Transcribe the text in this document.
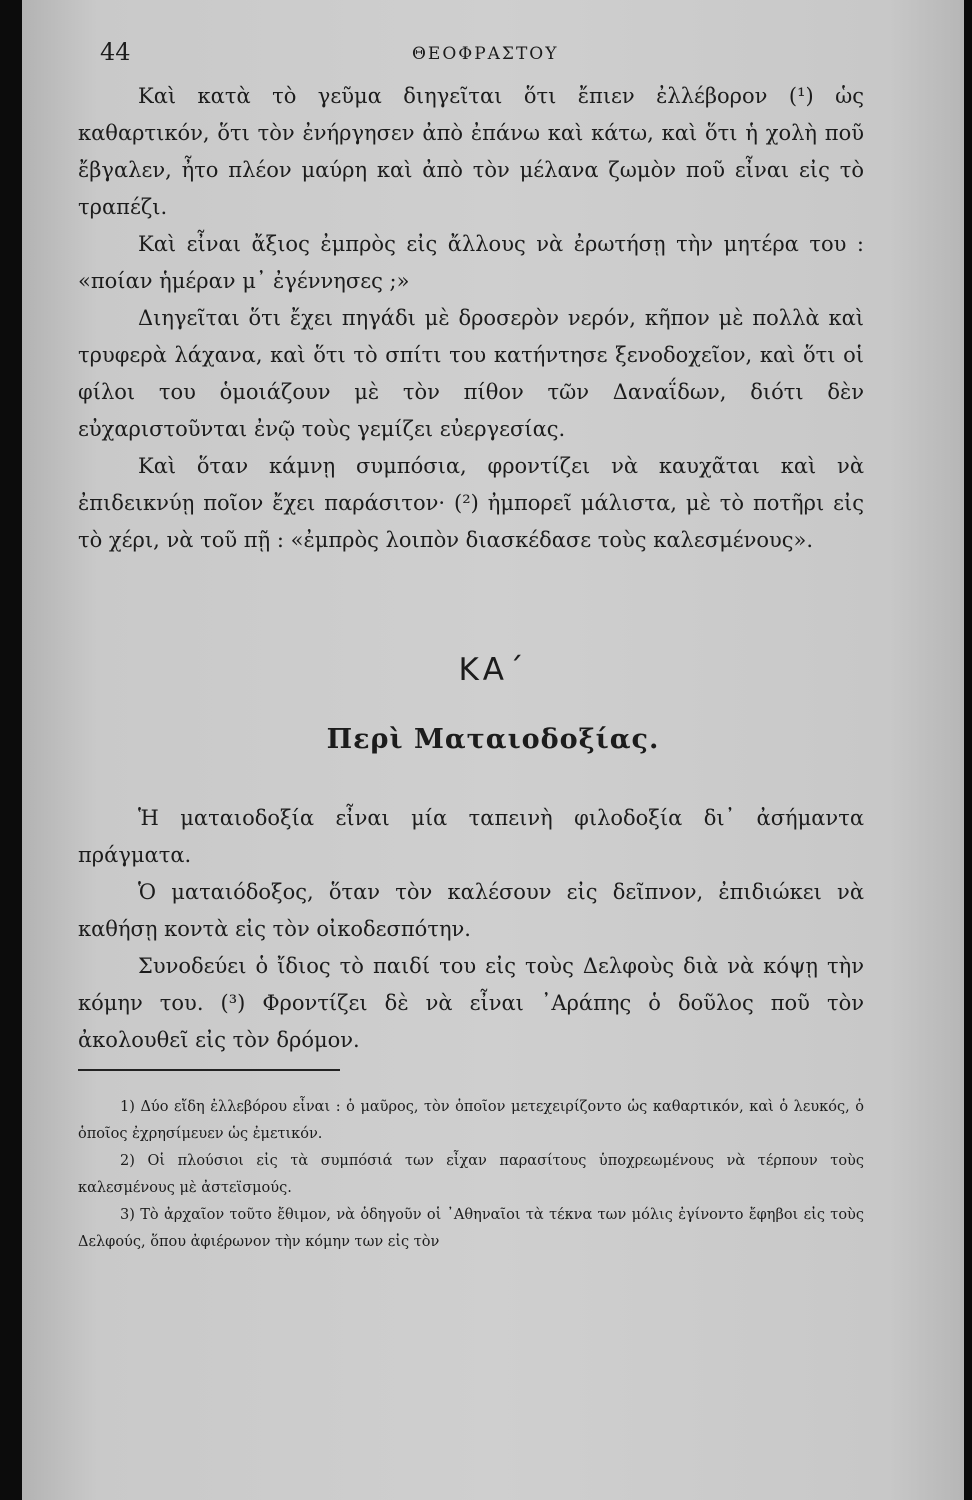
44	ΘΕΟΦΡΑΣΤΟΥ

Καὶ κατὰ τὸ γεῦμα διηγεῖται ὅτι ἔπιεν ἐλλέβορον (¹) ὡς καθαρτικόν, ὅτι τὸν ἐνήργησεν ἀπὸ ἐπάνω καὶ κάτω, καὶ ὅτι ἡ χολὴ ποῦ ἔβγαλεν, ἦτο πλέον μαύρη καὶ ἀπὸ τὸν μέλανα ζωμὸν ποῦ εἶναι εἰς τὸ τραπέζι.

Καὶ εἶναι ἄξιος ἐμπρὸς εἰς ἄλλους νὰ ἐρωτήσῃ τὴν μητέρα του : «ποίαν ἡμέραν μ᾽ ἐγέννησες ;»

Διηγεῖται ὅτι ἔχει πηγάδι μὲ δροσερὸν νερόν, κῆπον μὲ πολλὰ καὶ τρυφερὰ λάχανα, καὶ ὅτι τὸ σπίτι του κατήντησε ξενοδοχεῖον, καὶ ὅτι οἱ φίλοι του ὁμοιάζουν μὲ τὸν πίθον τῶν Δαναΐδων, διότι δὲν εὐχαριστοῦνται ἐνῷ τοὺς γεμίζει εὐεργεσίας.

Καὶ ὅταν κάμνῃ συμπόσια, φροντίζει νὰ καυχᾶται καὶ νὰ ἐπιδεικνύῃ ποῖον ἔχει παράσιτον· (²) ἠμπορεῖ μάλιστα, μὲ τὸ ποτῆρι εἰς τὸ χέρι, νὰ τοῦ πῇ : «ἐμπρὸς λοιπὸν διασκέδασε τοὺς καλεσμένους».

ΚΑ΄
Περὶ Ματαιοδοξίας.

Ἡ ματαιοδοξία εἶναι μία ταπεινὴ φιλοδοξία δι᾽ ἀσήμαντα πράγματα.

Ὁ ματαιόδοξος, ὅταν τὸν καλέσουν εἰς δεῖπνον, ἐπιδιώκει νὰ καθήσῃ κοντὰ εἰς τὸν οἰκοδεσπότην.

Συνοδεύει ὁ ἴδιος τὸ παιδί του εἰς τοὺς Δελφοὺς διὰ νὰ κόψῃ τὴν κόμην του. (³) Φροντίζει δὲ νὰ εἶναι ᾽Αράπης ὁ δοῦλος ποῦ τὸν ἀκολουθεῖ εἰς τὸν δρόμον.

1) Δύο εἴδη ἐλλεβόρου εἶναι : ὁ μαῦρος, τὸν ὁποῖον μετεχειρίζοντο ὡς καθαρτικόν, καὶ ὁ λευκός, ὁ ὁποῖος ἐχρησίμευεν ὡς ἐμετικόν.

2) Οἱ πλούσιοι εἰς τὰ συμπόσιά των εἶχαν παρασίτους ὑποχρεωμένους νὰ τέρπουν τοὺς καλεσμένους μὲ ἀστεϊσμούς.

3) Τὸ ἀρχαῖον τοῦτο ἔθιμον, νὰ ὁδηγοῦν οἱ ᾽Αθηναῖοι τὰ τέκνα των μόλις ἐγίνοντο ἔφηβοι εἰς τοὺς Δελφούς, ὅπου ἀφιέρωνον τὴν κόμην των εἰς τὸν
